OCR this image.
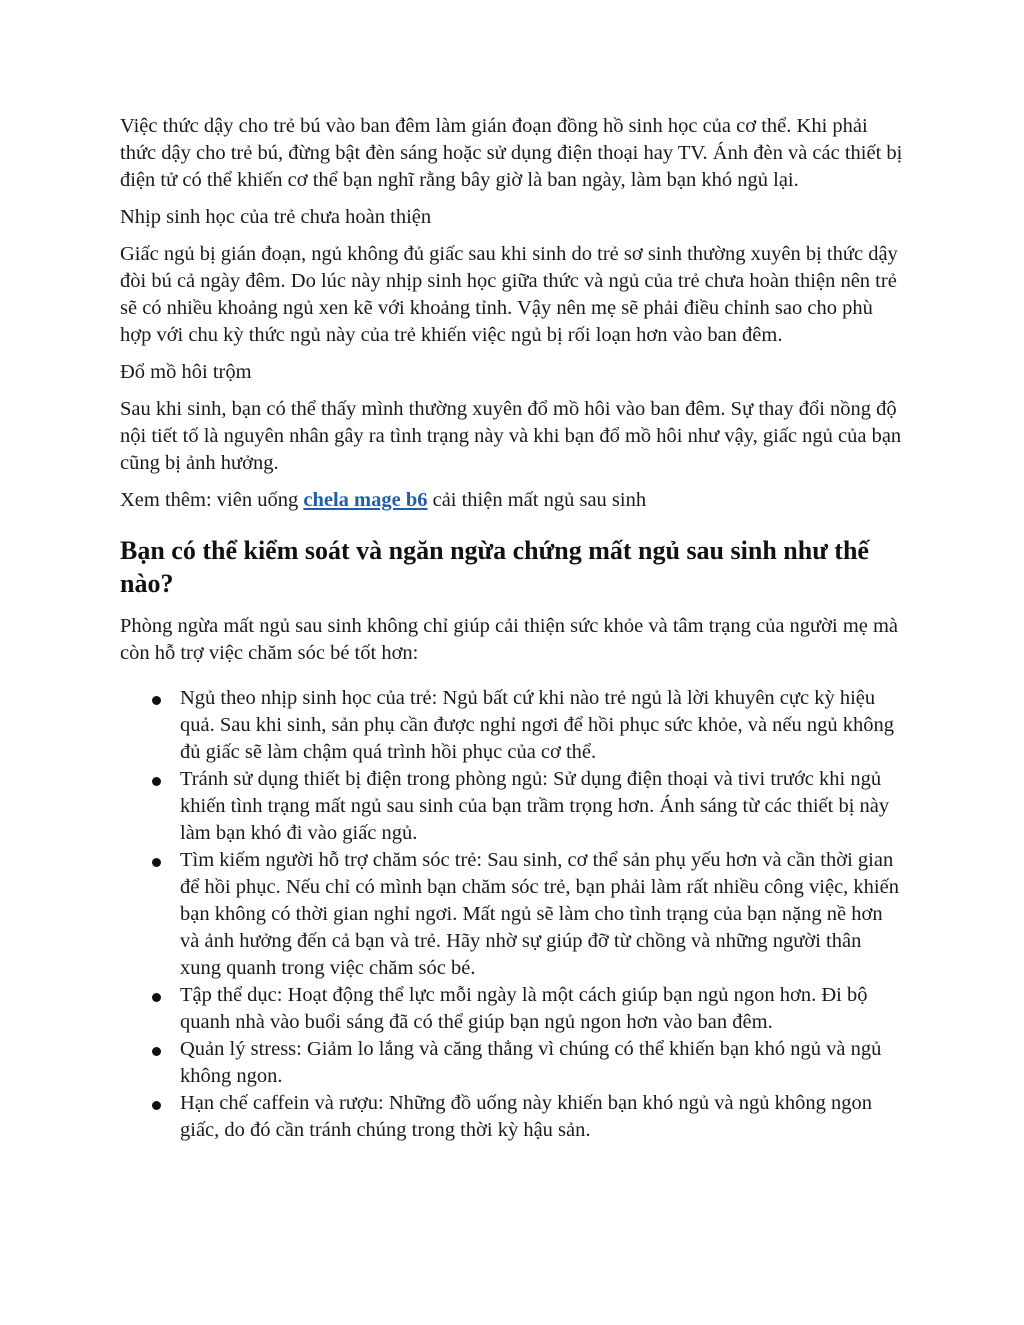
Việc thức dậy cho trẻ bú vào ban đêm làm gián đoạn đồng hồ sinh học của cơ thể. Khi phải thức dậy cho trẻ bú, đừng bật đèn sáng hoặc sử dụng điện thoại hay TV. Ánh đèn và các thiết bị điện tử có thể khiến cơ thể bạn nghĩ rằng bây giờ là ban ngày, làm bạn khó ngủ lại.

Nhịp sinh học của trẻ chưa hoàn thiện

Giấc ngủ bị gián đoạn, ngủ không đủ giấc sau khi sinh do trẻ sơ sinh thường xuyên bị thức dậy đòi bú cả ngày đêm. Do lúc này nhịp sinh học giữa thức và ngủ của trẻ chưa hoàn thiện nên trẻ sẽ có nhiều khoảng ngủ xen kẽ với khoảng tỉnh. Vậy nên mẹ sẽ phải điều chỉnh sao cho phù hợp với chu kỳ thức ngủ này của trẻ khiến việc ngủ bị rối loạn hơn vào ban đêm.

Đổ mồ hôi trộm

Sau khi sinh, bạn có thể thấy mình thường xuyên đổ mồ hôi vào ban đêm. Sự thay đổi nồng độ nội tiết tố là nguyên nhân gây ra tình trạng này và khi bạn đổ mồ hôi như vậy, giấc ngủ của bạn cũng bị ảnh hưởng.

Xem thêm: viên uống chela mage b6 cải thiện mất ngủ sau sinh

Bạn có thể kiểm soát và ngăn ngừa chứng mất ngủ sau sinh như thế nào?

Phòng ngừa mất ngủ sau sinh không chỉ giúp cải thiện sức khỏe và tâm trạng của người mẹ mà còn hỗ trợ việc chăm sóc bé tốt hơn:

Ngủ theo nhịp sinh học của trẻ: Ngủ bất cứ khi nào trẻ ngủ là lời khuyên cực kỳ hiệu quả. Sau khi sinh, sản phụ cần được nghỉ ngơi để hồi phục sức khỏe, và nếu ngủ không đủ giấc sẽ làm chậm quá trình hồi phục của cơ thể.
Tránh sử dụng thiết bị điện trong phòng ngủ: Sử dụng điện thoại và tivi trước khi ngủ khiến tình trạng mất ngủ sau sinh của bạn trầm trọng hơn. Ánh sáng từ các thiết bị này làm bạn khó đi vào giấc ngủ.
Tìm kiếm người hỗ trợ chăm sóc trẻ: Sau sinh, cơ thể sản phụ yếu hơn và cần thời gian để hồi phục. Nếu chỉ có mình bạn chăm sóc trẻ, bạn phải làm rất nhiều công việc, khiến bạn không có thời gian nghỉ ngơi. Mất ngủ sẽ làm cho tình trạng của bạn nặng nề hơn và ảnh hưởng đến cả bạn và trẻ. Hãy nhờ sự giúp đỡ từ chồng và những người thân xung quanh trong việc chăm sóc bé.
Tập thể dục: Hoạt động thể lực mỗi ngày là một cách giúp bạn ngủ ngon hơn. Đi bộ quanh nhà vào buổi sáng đã có thể giúp bạn ngủ ngon hơn vào ban đêm.
Quản lý stress: Giảm lo lắng và căng thẳng vì chúng có thể khiến bạn khó ngủ và ngủ không ngon.
Hạn chế caffein và rượu: Những đồ uống này khiến bạn khó ngủ và ngủ không ngon giấc, do đó cần tránh chúng trong thời kỳ hậu sản.
